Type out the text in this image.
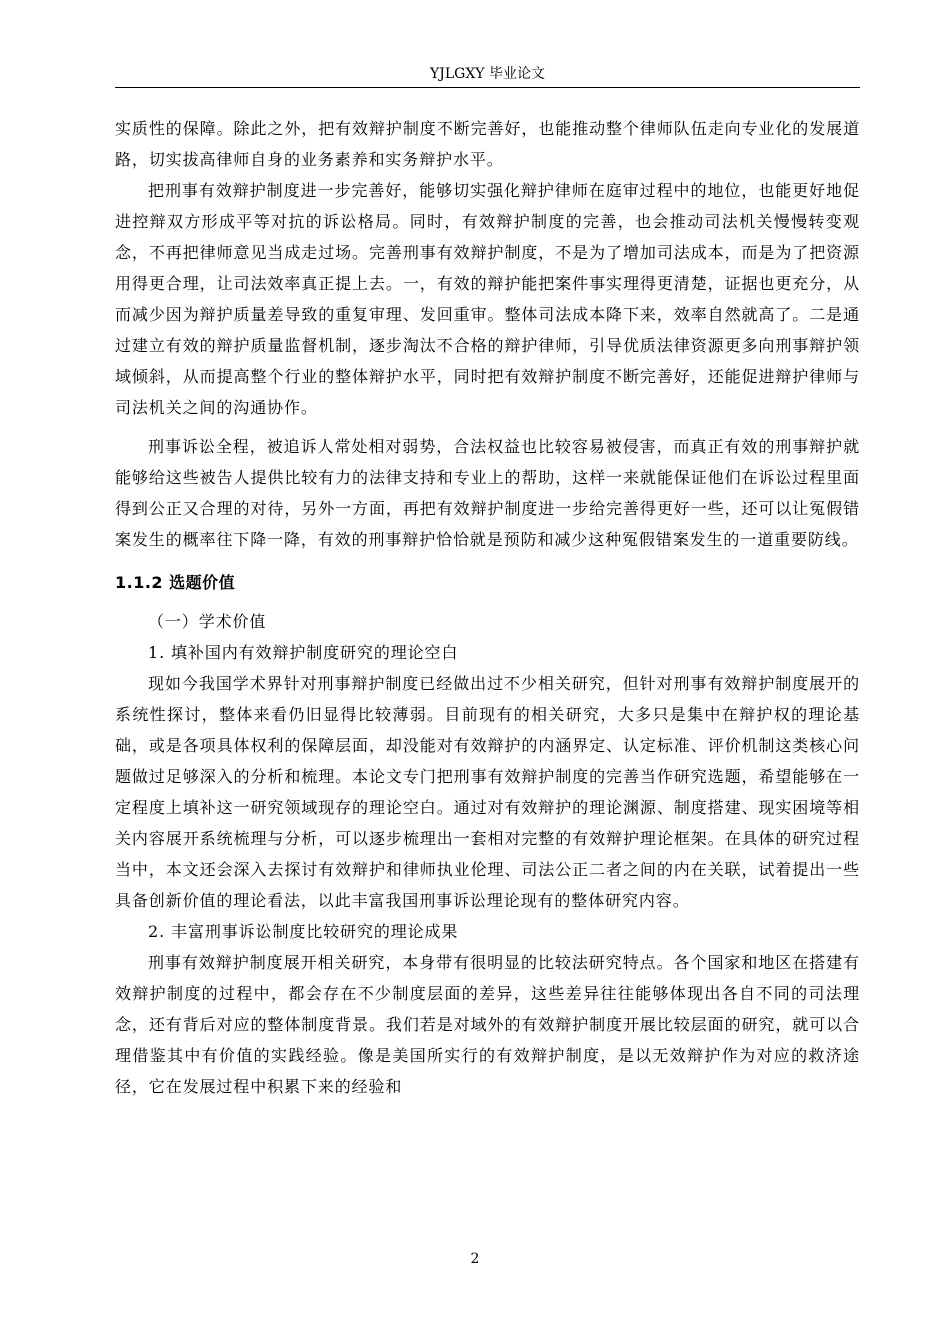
YJLGXY 毕业论文

实质性的保障。除此之外，把有效辩护制度不断完善好，也能推动整个律师队伍走向专业化的发展道路，切实拔高律师自身的业务素养和实务辩护水平。

把刑事有效辩护制度进一步完善好，能够切实强化辩护律师在庭审过程中的地位，也能更好地促进控辩双方形成平等对抗的诉讼格局。同时，有效辩护制度的完善，也会推动司法机关慢慢转变观念，不再把律师意见当成走过场。完善刑事有效辩护制度，不是为了增加司法成本，而是为了把资源用得更合理，让司法效率真正提上去。一，有效的辩护能把案件事实理得更清楚，证据也更充分，从而减少因为辩护质量差导致的重复审理、发回重审。整体司法成本降下来，效率自然就高了。二是通过建立有效的辩护质量监督机制，逐步淘汰不合格的辩护律师，引导优质法律资源更多向刑事辩护领域倾斜，从而提高整个行业的整体辩护水平，同时把有效辩护制度不断完善好，还能促进辩护律师与司法机关之间的沟通协作。

刑事诉讼全程，被追诉人常处相对弱势，合法权益也比较容易被侵害，而真正有效的刑事辩护就能够给这些被告人提供比较有力的法律支持和专业上的帮助，这样一来就能保证他们在诉讼过程里面得到公正又合理的对待，另外一方面，再把有效辩护制度进一步给完善得更好一些，还可以让冤假错案发生的概率往下降一降，有效的刑事辩护恰恰就是预防和减少这种冤假错案发生的一道重要防线。

1.1.2 选题价值

（一）学术价值

1. 填补国内有效辩护制度研究的理论空白

现如今我国学术界针对刑事辩护制度已经做出过不少相关研究，但针对刑事有效辩护制度展开的系统性探讨，整体来看仍旧显得比较薄弱。目前现有的相关研究，大多只是集中在辩护权的理论基础，或是各项具体权利的保障层面，却没能对有效辩护的内涵界定、认定标准、评价机制这类核心问题做过足够深入的分析和梳理。本论文专门把刑事有效辩护制度的完善当作研究选题，希望能够在一定程度上填补这一研究领域现存的理论空白。通过对有效辩护的理论渊源、制度搭建、现实困境等相关内容展开系统梳理与分析，可以逐步梳理出一套相对完整的有效辩护理论框架。在具体的研究过程当中，本文还会深入去探讨有效辩护和律师执业伦理、司法公正二者之间的内在关联，试着提出一些具备创新价值的理论看法，以此丰富我国刑事诉讼理论现有的整体研究内容。

2. 丰富刑事诉讼制度比较研究的理论成果

刑事有效辩护制度展开相关研究，本身带有很明显的比较法研究特点。各个国家和地区在搭建有效辩护制度的过程中，都会存在不少制度层面的差异，这些差异往往能够体现出各自不同的司法理念，还有背后对应的整体制度背景。我们若是对域外的有效辩护制度开展比较层面的研究，就可以合理借鉴其中有价值的实践经验。像是美国所实行的有效辩护制度，是以无效辩护作为对应的救济途径，它在发展过程中积累下来的经验和

2
